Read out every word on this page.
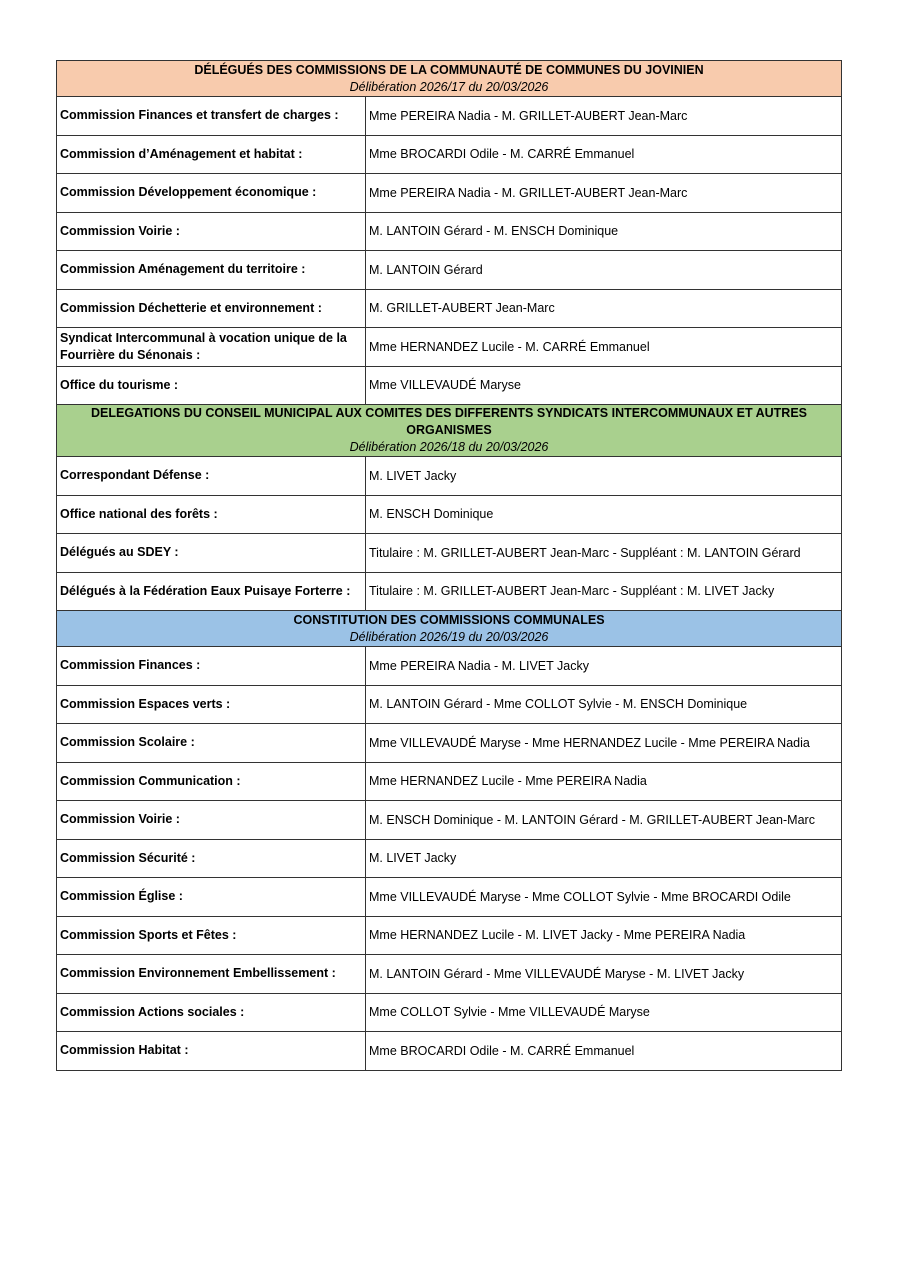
DÉLÉGUÉS DES COMMISSIONS DE LA COMMUNAUTÉ DE COMMUNES DU JOVINIEN
Délibération 2026/17 du 20/03/2026	

Commission Finances et transfert de charges :	Mme PEREIRA Nadia - M. GRILLET-AUBERT Jean-Marc
Commission d’Aménagement et habitat :	Mme BROCARDI Odile - M. CARRÉ Emmanuel
Commission Développement économique :	Mme PEREIRA Nadia - M. GRILLET-AUBERT Jean-Marc
Commission Voirie :	M. LANTOIN Gérard - M. ENSCH Dominique
Commission Aménagement du territoire :	M. LANTOIN Gérard
Commission Déchetterie et environnement :	M. GRILLET-AUBERT Jean-Marc
Syndicat Intercommunal à vocation unique de la Fourrière du Sénonais :	Mme HERNANDEZ Lucile - M. CARRÉ Emmanuel
Office du tourisme :	Mme VILLEVAUDÉ Maryse

DELEGATIONS DU CONSEIL MUNICIPAL AUX COMITES DES DIFFERENTS SYNDICATS INTERCOMMUNAUX ET AUTRES ORGANISMES
Délibération 2026/18 du 20/03/2026	

Correspondant Défense :	M. LIVET Jacky
Office national des forêts :	M. ENSCH Dominique
Délégués au SDEY :	Titulaire : M. GRILLET-AUBERT Jean-Marc - Suppléant : M. LANTOIN Gérard
Délégués à la Fédération Eaux Puisaye Forterre :	Titulaire : M. GRILLET-AUBERT Jean-Marc - Suppléant : M. LIVET Jacky

CONSTITUTION DES COMMISSIONS COMMUNALES
Délibération 2026/19 du 20/03/2026	

Commission Finances :	Mme PEREIRA Nadia - M. LIVET Jacky
Commission Espaces verts :	M. LANTOIN Gérard - Mme COLLOT Sylvie - M. ENSCH Dominique
Commission Scolaire :	Mme VILLEVAUDÉ Maryse - Mme HERNANDEZ Lucile - Mme PEREIRA Nadia
Commission Communication :	Mme HERNANDEZ Lucile - Mme PEREIRA Nadia
Commission Voirie :	M. ENSCH Dominique - M. LANTOIN Gérard - M. GRILLET-AUBERT Jean-Marc
Commission Sécurité :	M. LIVET Jacky
Commission Église :	Mme VILLEVAUDÉ Maryse - Mme COLLOT Sylvie - Mme BROCARDI Odile
Commission Sports et Fêtes :	Mme HERNANDEZ Lucile - M. LIVET Jacky - Mme PEREIRA Nadia
Commission Environnement Embellissement :	M. LANTOIN Gérard - Mme VILLEVAUDÉ Maryse - M. LIVET Jacky
Commission Actions sociales :	Mme COLLOT Sylvie - Mme VILLEVAUDÉ Maryse
Commission Habitat :	Mme BROCARDI Odile - M. CARRÉ Emmanuel
